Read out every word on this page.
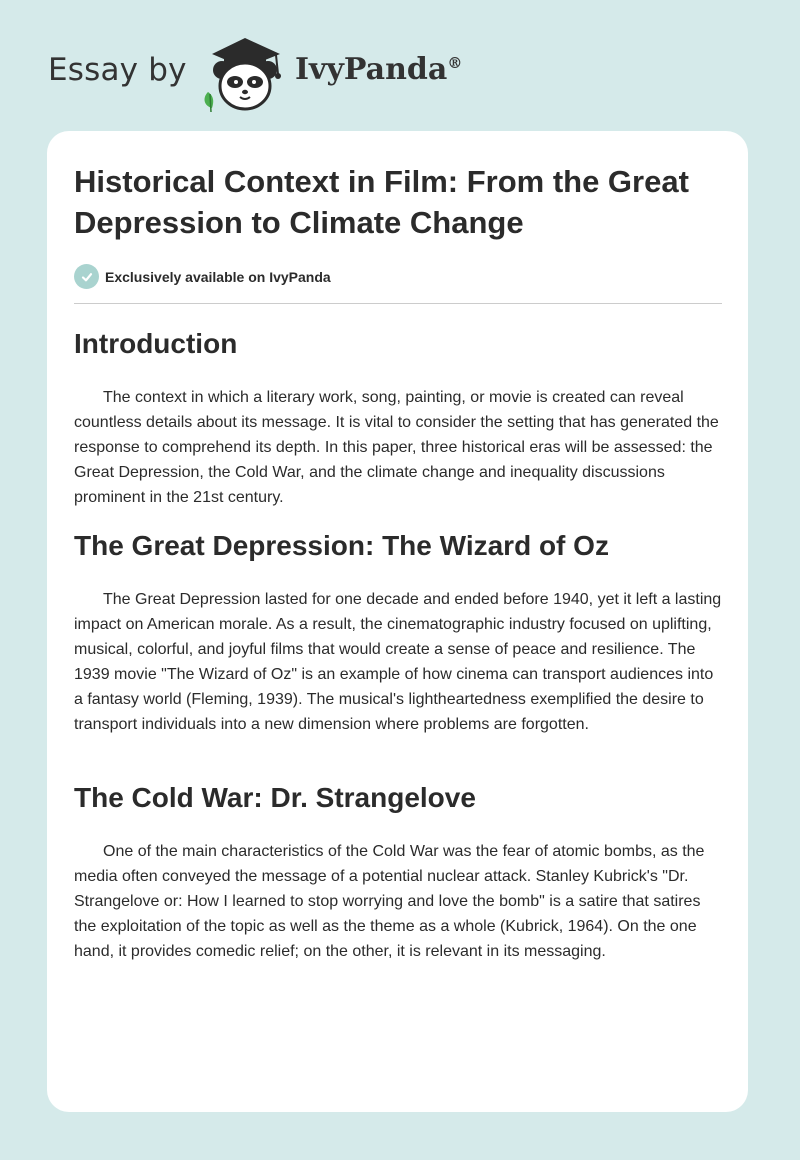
Essay by	IvyPanda®
Historical Context in Film: From the Great Depression to Climate Change
Exclusively available on IvyPanda
Introduction

The context in which a literary work, song, painting, or movie is created can reveal countless details about its message. It is vital to consider the setting that has generated the response to comprehend its depth. In this paper, three historical eras will be assessed: the Great Depression, the Cold War, and the climate change and inequality discussions prominent in the 21st century.

The Great Depression: The Wizard of Oz

The Great Depression lasted for one decade and ended before 1940, yet it left a lasting impact on American morale. As a result, the cinematographic industry focused on uplifting, musical, colorful, and joyful films that would create a sense of peace and resilience. The 1939 movie "The Wizard of Oz" is an example of how cinema can transport audiences into a fantasy world (Fleming, 1939). The musical's lightheartedness exemplified the desire to transport individuals into a new dimension where problems are forgotten.

The Cold War: Dr. Strangelove

One of the main characteristics of the Cold War was the fear of atomic bombs, as the media often conveyed the message of a potential nuclear attack. Stanley Kubrick's "Dr. Strangelove or: How I learned to stop worrying and love the bomb" is a satire that satires the exploitation of the topic as well as the theme as a whole (Kubrick, 1964). On the one hand, it provides comedic relief; on the other, it is relevant in its messaging.
